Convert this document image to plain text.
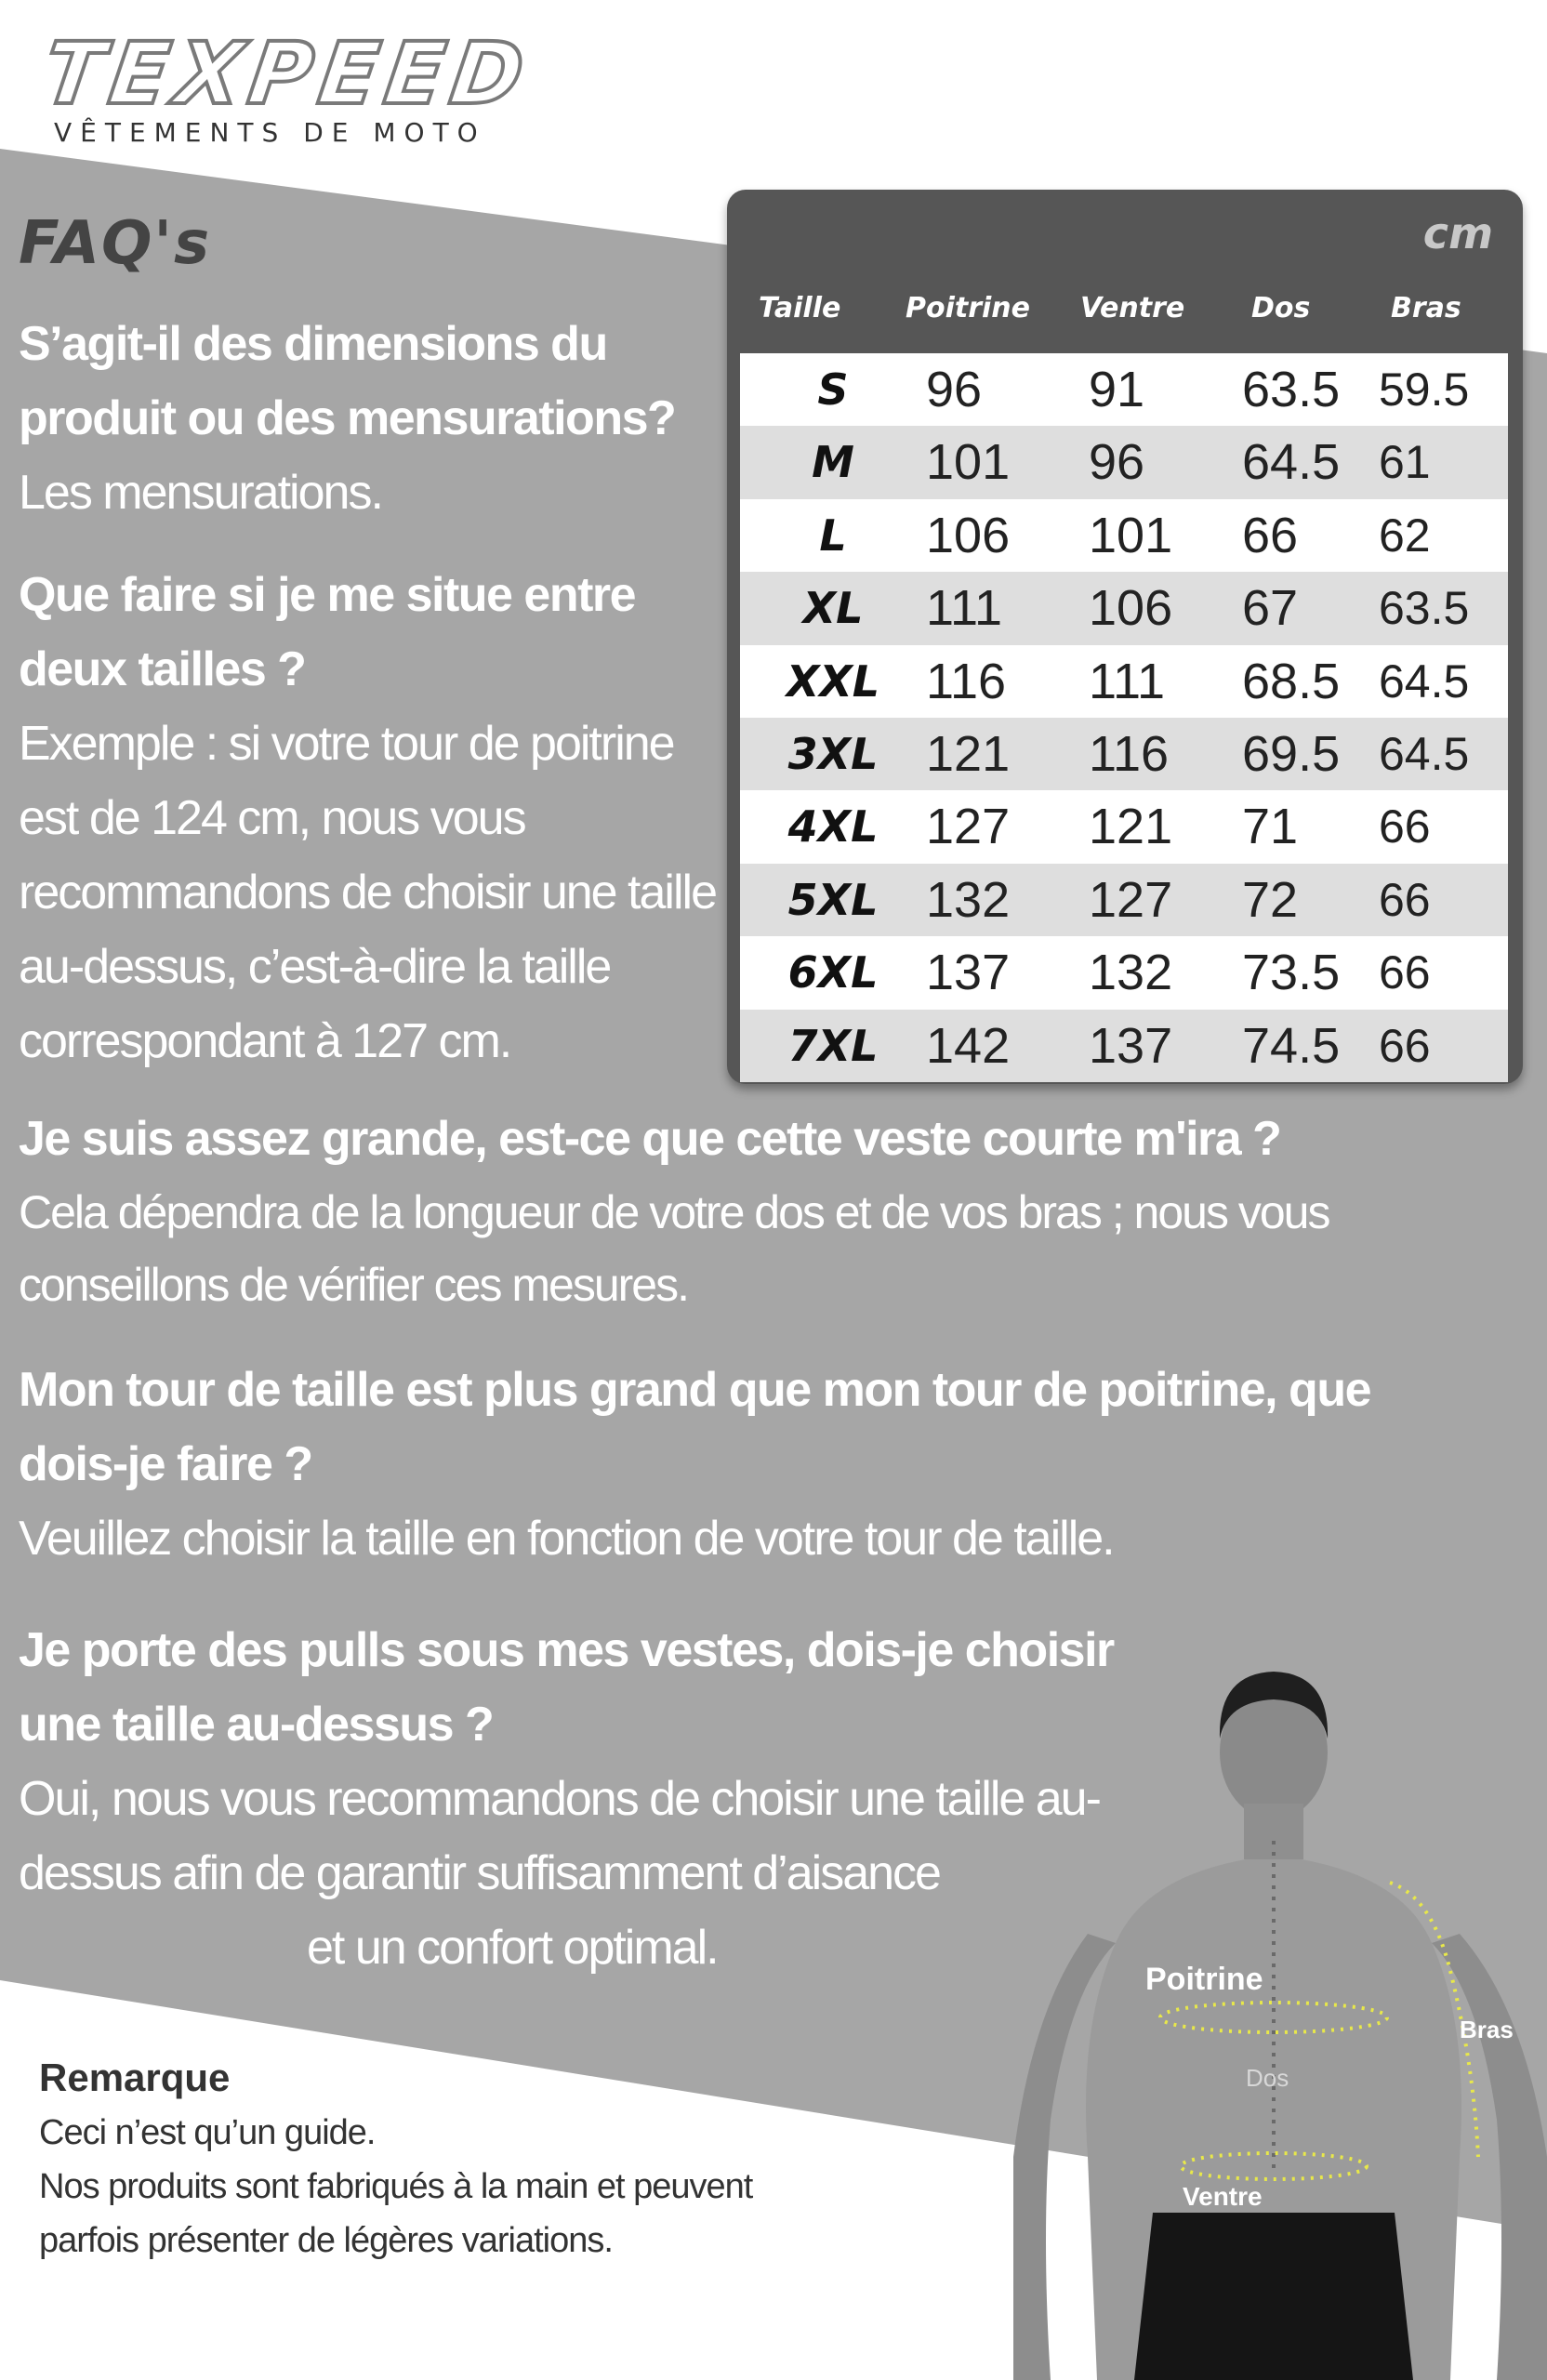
TEXPEED
VÊTEMENTS DE MOTO
FAQ's
S’agit-il des dimensions du produit ou des mensurations?
Les mensurations.
Que faire si je me situe entre deux tailles ?
Exemple : si votre tour de poitrine est de 124 cm, nous vous recommandons de choisir une taille au-dessus, c’est-à-dire la taille correspondant à 127 cm.
Je suis assez grande, est-ce que cette veste courte m'ira ?
Cela dépendra de la longueur de votre dos et de vos bras ; nous vous conseillons de vérifier ces mesures.
Mon tour de taille est plus grand que mon tour de poitrine, que dois-je faire ?
Veuillez choisir la taille en fonction de votre tour de taille.
Je porte des pulls sous mes vestes, dois-je choisir une taille au-dessus ?
Oui, nous vous recommandons de choisir une taille au-dessus afin de garantir suffisamment d’aisance
et un confort optimal.
cm
Taille Poitrine Ventre Dos	Bras
S	96 91 63.5 59.5
M	101 96 64.5 61
L	106 101 66 62
XL	111 106 67 63.5
XXL 116 111 68.5 64.5
3XL 121 116 69.5 64.5
4XL 127 121 71 66
5XL 132 127 72 66
6XL 137 132 73.5 66
7XL 142 137 74.5 66
Remarque
Ceci n’est qu’un guide.
Nos produits sont fabriqués à la main et peuvent
parfois présenter de légères variations.
Poitrine
Dos
Bras
Ventre
